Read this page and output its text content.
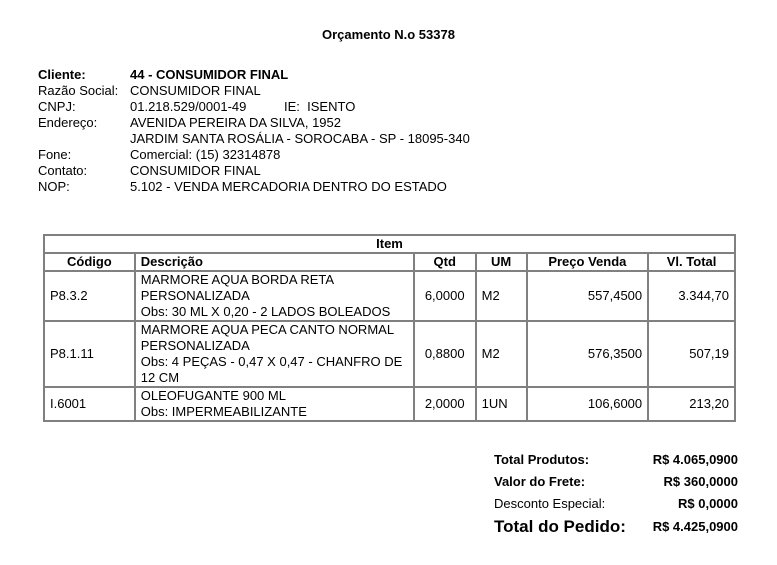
Orçamento N.o 53378
Cliente:	44 - CONSUMIDOR FINAL
Razão Social: CONSUMIDOR FINAL
CNPJ:	01.218.529/0001-49	IE: ISENTO
Endereço:	AVENIDA PEREIRA DA SILVA, 1952
JARDIM SANTA ROSÁLIA - SOROCABA - SP - 18095-340
Fone:	Comercial: (15) 32314878
Contato:	CONSUMIDOR FINAL
NOP:	5.102 - VENDA MERCADORIA DENTRO DO ESTADO
Item					
Código	Descrição	Qtd	UM	Preço Venda	Vl. Total
P8.3.2	MARMORE AQUA BORDA RETA
PERSONALIZADA
Obs: 30 ML X 0,20 - 2 LADOS BOLEADOS	6,0000	M2	557,4500	3.344,70
P8.1.11	MARMORE AQUA PECA CANTO NORMAL
PERSONALIZADA
Obs: 4 PEÇAS - 0,47 X 0,47 - CHANFRO DE
12 CM	0,8800	M2	576,3500	507,19
I.6001	OLEOFUGANTE 900 ML
Obs: IMPERMEABILIZANTE	2,0000	1UN	106,6000	213,20
Total Produtos:	R$ 4.065,0900
Valor do Frete:	R$ 360,0000
Desconto Especial:	R$ 0,0000
Total do Pedido: R$ 4.425,0900
